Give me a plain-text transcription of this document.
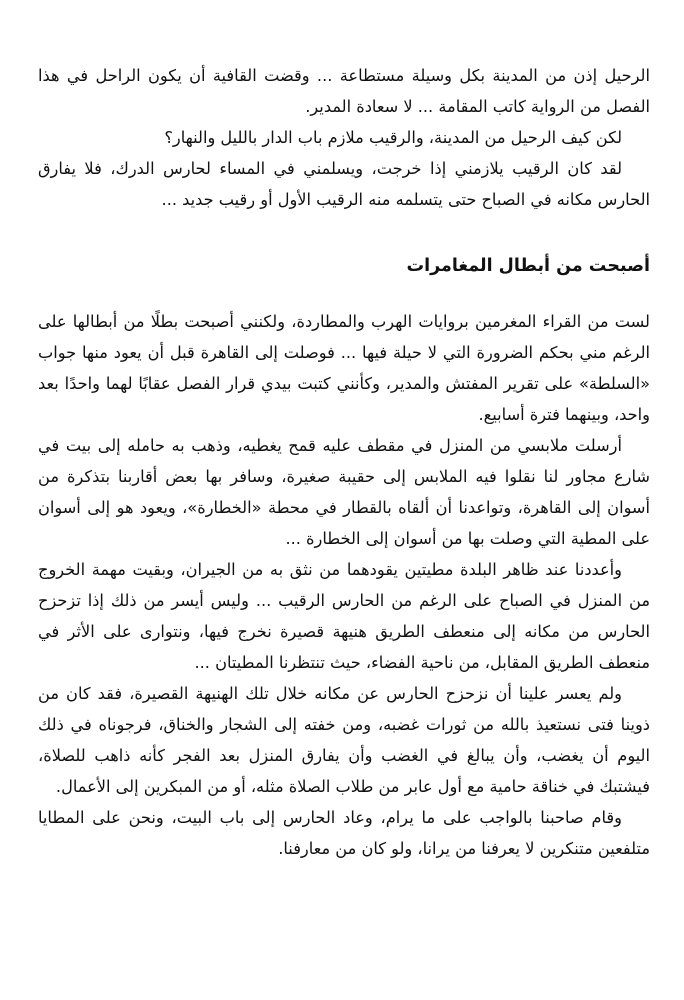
الرحيل إذن من المدينة بكل وسيلة مستطاعة ... وقضت القافية أن يكون الراحل في هذا الفصل من الرواية كاتب المقامة ... لا سعادة المدير.

لكن كيف الرحيل من المدينة، والرقيب ملازم باب الدار بالليل والنهار؟

لقد كان الرقيب يلازمني إذا خرجت، ويسلمني في المساء لحارس الدرك، فلا يفارق الحارس مكانه في الصباح حتى يتسلمه منه الرقيب الأول أو رقيب جديد ...

أصبحت من أبطال المغامرات

لست من القراء المغرمين بروايات الهرب والمطاردة، ولكنني أصبحت بطلًا من أبطالها على الرغم مني بحكم الضرورة التي لا حيلة فيها ... فوصلت إلى القاهرة قبل أن يعود منها جواب «السلطة» على تقرير المفتش والمدير، وكأنني كتبت بيدي قرار الفصل عقابًا لهما واحدًا بعد واحد، وبينهما فترة أسابيع.

أرسلت ملابسي من المنزل في مقطف عليه قمح يغطيه، وذهب به حامله إلى بيت في شارع مجاور لنا نقلوا فيه الملابس إلى حقيبة صغيرة، وسافر بها بعض أقاربنا بتذكرة من أسوان إلى القاهرة، وتواعدنا أن ألقاه بالقطار في محطة «الخطارة»، ويعود هو إلى أسوان على المطية التي وصلت بها من أسوان إلى الخطارة ...

وأعددنا عند ظاهر البلدة مطيتين يقودهما من نثق به من الجيران، وبقيت مهمة الخروج من المنزل في الصباح على الرغم من الحارس الرقيب ... وليس أيسر من ذلك إذا تزحزح الحارس من مكانه إلى منعطف الطريق هنيهة قصيرة نخرج فيها، ونتوارى على الأثر في منعطف الطريق المقابل، من ناحية الفضاء، حيث تنتظرنا المطيتان ...

ولم يعسر علينا أن نزحزح الحارس عن مكانه خلال تلك الهنيهة القصيرة، فقد كان من ذوينا فتى نستعيذ بالله من ثورات غضبه، ومن خفته إلى الشجار والخناق، فرجوناه في ذلك اليوم أن يغضب، وأن يبالغ في الغضب وأن يفارق المنزل بعد الفجر كأنه ذاهب للصلاة، فيشتبك في خناقة حامية مع أول عابر من طلاب الصلاة مثله، أو من المبكرين إلى الأعمال.

وقام صاحبنا بالواجب على ما يرام، وعاد الحارس إلى باب البيت، ونحن على المطايا متلفعين متنكرين لا يعرفنا من يرانا، ولو كان من معارفنا.
